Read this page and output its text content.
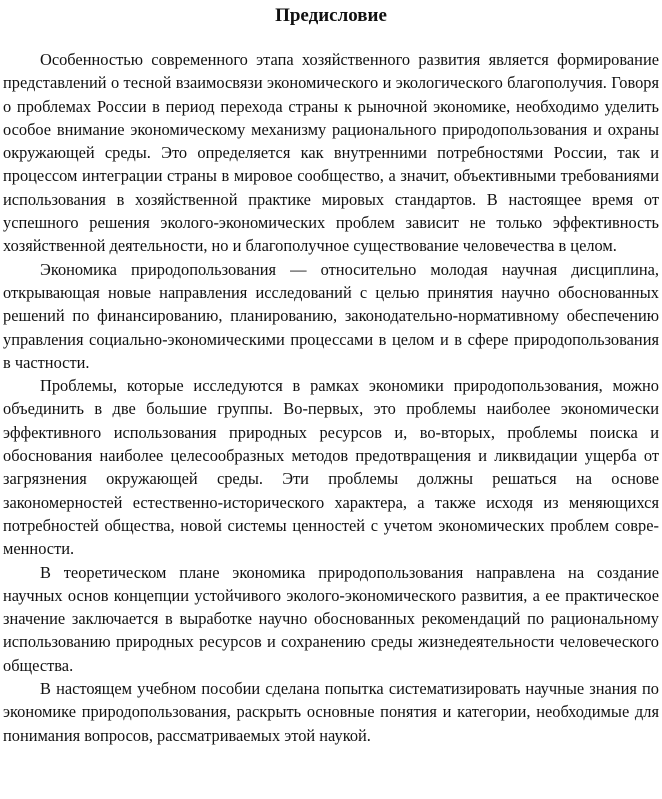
Предисловие

Особенностью современного этапа хозяйственного развития является формирование представлений о тесной взаимосвязи экономического и экологического благополучия. Говоря о проблемах России в период перехода страны к рыночной экономике, необходимо уделить особое внимание экономическому механизму рационального природопользования и охраны окружающей среды. Это определяется как внутренними потребностями России, так и процессом интеграции страны в мировое сообщество, а значит, объективными требованиями использования в хозяйственной практике мировых стандартов. В настоящее время от успешного решения эколого-экономических проблем зависит не только эффективность хозяйственной деятельности, но и благополучное существование человечества в целом.

Экономика природопользования — относительно молодая научная дисциплина, открывающая новые направления исследований с целью принятия научно обоснованных решений по финансированию, планированию, законодательно-нормативному обеспечению управления социально-экономическими процессами в целом и в сфере природопользования в частности.

Проблемы, которые исследуются в рамках экономики природопользования, можно объединить в две большие группы. Во-первых, это проблемы наиболее экономически эффективного использования природных ресурсов и, во-вторых, проблемы поиска и обоснования наиболее целесообразных методов предотвращения и ликвидации ущерба от загрязнения окружающей среды. Эти проблемы должны решаться на основе закономерностей естественно-исторического характера, а также исходя из меняющихся потребностей общества, новой системы ценностей с учетом экономических проблем современности.

В теоретическом плане экономика природопользования направлена на создание научных основ концепции устойчивого эколого-экономического развития, а ее практическое значение заключается в выработке научно обоснованных рекомендаций по рациональному использованию природных ресурсов и сохранению среды жизнедеятельности человеческого общества.

В настоящем учебном пособии сделана попытка систематизировать научные знания по экономике природопользования, раскрыть основные понятия и категории, необходимые для понимания вопросов, рассматриваемых этой наукой.
